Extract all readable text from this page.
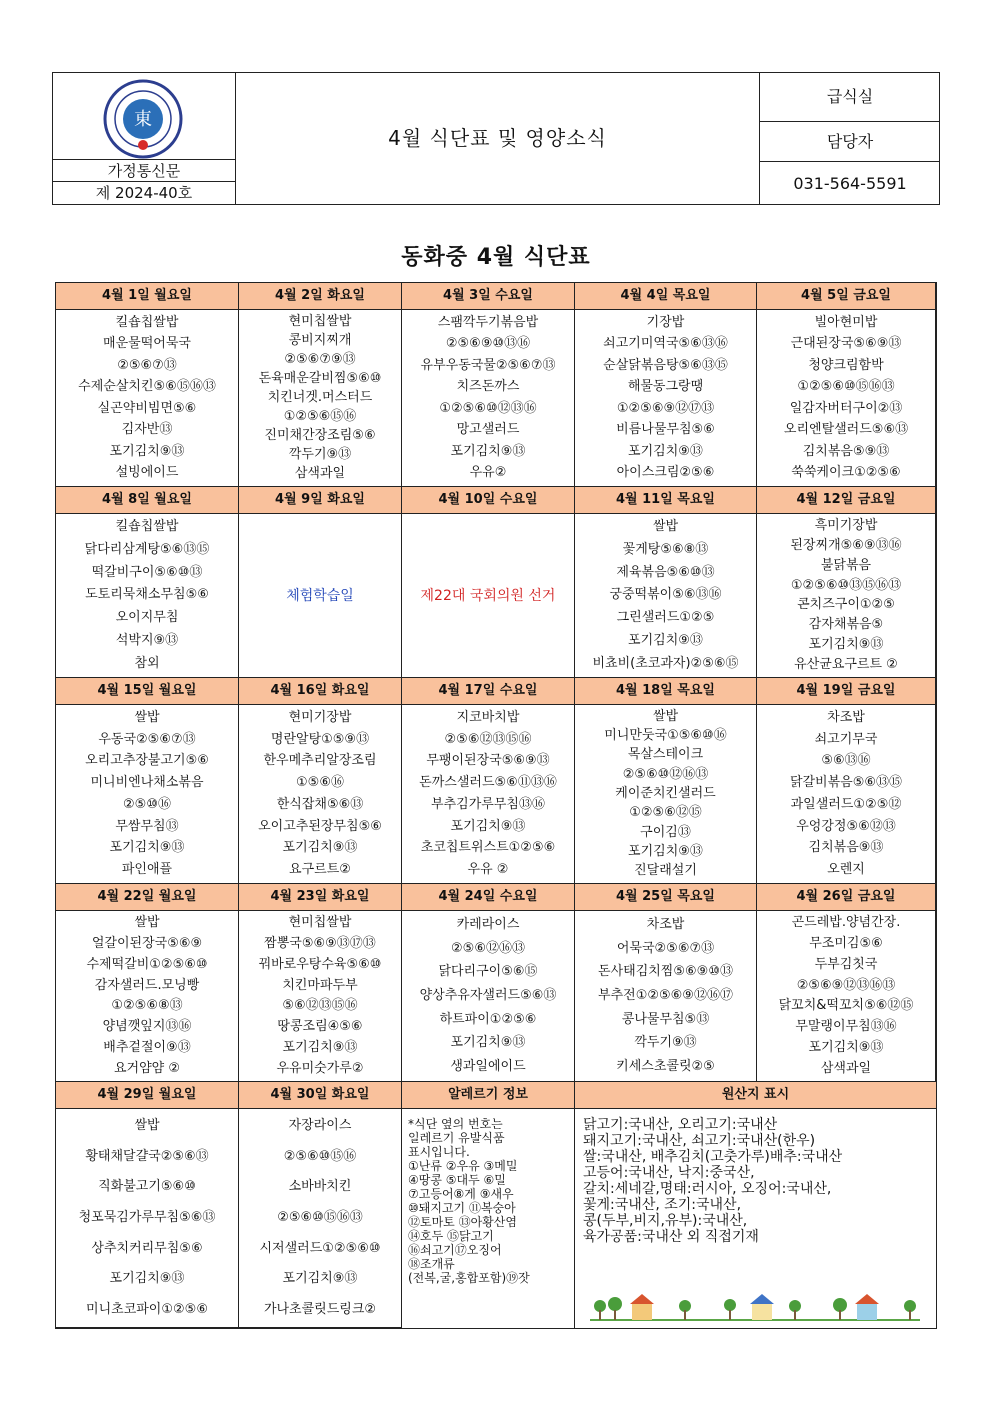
東
가정통신문
제 2024-40호
4월 식단표 및 영양소식
급식실
담당자
031-564-5591
동화중 4월 식단표
4월 1일 월요일
킬숍칩쌀밥
매운물떡어묵국
②⑤⑥⑦⑬
수제순살치킨⑤⑥⑮⑯⑬
실곤약비빔면⑤⑥
김자반⑬
포기김치⑨⑬
설빙에이드
4월 2일 화요일
현미칩쌀밥
콩비지찌개
②⑤⑥⑦⑨⑬
돈육매운갈비찜⑤⑥⑩
치킨너겟.머스터드
①②⑤⑥⑮⑯
진미채간장조림⑤⑥
깍두기⑨⑬
삼색과일
4월 3일 수요일
스팸깍두기볶음밥
②⑤⑥⑨⑩⑬⑯
유부우동국물②⑤⑥⑦⑬
치즈돈까스
①②⑤⑥⑩⑫⑬⑯
망고샐러드
포기김치⑨⑬
우유②
4월 4일 목요일
기장밥
쇠고기미역국⑤⑥⑬⑯
순살닭볶음탕⑤⑥⑬⑮
해물동그랑땡
①②⑤⑥⑨⑫⑰⑬
비름나물무침⑤⑥
포기김치⑨⑬
아이스크림②⑤⑥
4월 5일 금요일
빌아현미밥
근대된장국⑤⑥⑨⑬
청양크림함박
①②⑤⑥⑩⑮⑯⑬
일감자버터구이②⑬
오리엔탈샐러드⑤⑥⑬
김치볶음⑤⑨⑬
쑥쑥케이크①②⑤⑥
4월 8일 월요일
킬숍칩쌀밥
닭다리삼계탕⑤⑥⑬⑮
떡갈비구이⑤⑥⑩⑬
도토리묵채소무침⑤⑥
오이지무침
석박지⑨⑬
참외
4월 9일 화요일
체험학습일
4월 10일 수요일
제22대 국회의원 선거
4월 11일 목요일
쌀밥
꽃게탕⑤⑥⑧⑬
제육볶음⑤⑥⑩⑬
궁중떡볶이⑤⑥⑬⑯
그린샐러드①②⑤
포기김치⑨⑬
비쵸비(초코과자)②⑤⑥⑮
4월 12일 금요일
흑미기장밥
된장찌개⑤⑥⑨⑬⑯
불닭볶음
①②⑤⑥⑩⑬⑮⑯⑬
콘치즈구이①②⑤
감자채볶음⑤
포기김치⑨⑬
유산균요구르트 ②
4월 15일 월요일
쌀밥
우동국②⑤⑥⑦⑬
오리고추장불고기⑤⑥
미니비엔나채소볶음
②⑤⑩⑯
무쌈무침⑬
포기김치⑨⑬
파인애플
4월 16일 화요일
현미기장밥
명란알탕①⑤⑨⑬
한우메추리알장조림
①⑤⑥⑯
한식잡채⑤⑥⑬
오이고추된장무침⑤⑥
포기김치⑨⑬
요구르트②
4월 17일 수요일
지코바치밥
②⑤⑥⑫⑬⑮⑯
무팽이된장국⑤⑥⑨⑬
돈까스샐러드⑤⑥⑪⑬⑯
부추김가루무침⑬⑯
포기김치⑨⑬
초코칩트위스트①②⑤⑥
우유 ②
4월 18일 목요일
쌀밥
미니만둣국①⑤⑥⑩⑯
목살스테이크
②⑤⑥⑩⑫⑯⑬
케이준치킨샐러드
①②⑤⑥⑫⑮
구이김⑬
포기김치⑨⑬
진달래설기
4월 19일 금요일
차조밥
쇠고기무국
⑤⑥⑬⑯
닭갈비볶음⑤⑥⑬⑮
과일샐러드①②⑤⑫
우엉강정⑤⑥⑫⑬
김치볶음⑨⑬
오렌지
4월 22일 월요일
쌀밥
얼갈이된장국⑤⑥⑨
수제떡갈비①②⑤⑥⑩
감자샐러드.모닝빵
①②⑤⑥⑧⑬
양념깻잎지⑬⑯
배추겉절이⑨⑬
요거얌얌 ②
4월 23일 화요일
현미칩쌀밥
짬뽕국⑤⑥⑨⑬⑰⑬
꿔바로우탕수육⑤⑥⑩
치킨마파두부
⑤⑥⑫⑬⑮⑯
땅콩조림④⑤⑥
포기김치⑨⑬
우유미숫가루②
4월 24일 수요일
카레라이스
②⑤⑥⑫⑯⑬
닭다리구이⑤⑥⑮
양상추유자샐러드⑤⑥⑬
하트파이①②⑤⑥
포기김치⑨⑬
생과일에이드
4월 25일 목요일
차조밥
어묵국②⑤⑥⑦⑬
돈사태김치찜⑤⑥⑨⑩⑬
부추전①②⑤⑥⑨⑫⑯⑰
콩나물무침⑤⑬
깍두기⑨⑬
키세스초콜릿②⑤
4월 26일 금요일
곤드레밥.양념간장.
무조미김⑤⑥
두부김칫국
②⑤⑥⑨⑫⑬⑯⑬
닭꼬치&떡꼬치⑤⑥⑫⑮
무말랭이무침⑬⑯
포기김치⑨⑬
삼색과일
4월 29일 월요일
쌀밥
황태채달걀국②⑤⑥⑬
직화불고기⑤⑥⑩
청포묵김가루무침⑤⑥⑬
상추치커리무침⑤⑥
포기김치⑨⑬
미니초코파이①②⑤⑥
4월 30일 화요일
자장라이스
②⑤⑥⑩⑮⑯
소바바치킨
②⑤⑥⑩⑮⑯⑬
시저샐러드①②⑤⑥⑩
포기김치⑨⑬
가나초콜릿드링크②
알레르기 정보
*식단 옆의 번호는
일레르기 유발식품
표시입니다.
①난류 ②우유 ③메밀
④땅콩 ⑤대두 ⑥밀
⑦고등어⑧게 ⑨새우
⑩돼지고기 ⑪복숭아
⑫토마토 ⑬아황산염
⑭호두 ⑮닭고기
⑯쇠고기⑰오징어
⑱조개류
(전복,굴,홍합포함)⑲잣
원산지 표시
닭고기:국내산, 오리고기:국내산
돼지고기:국내산, 쇠고기:국내산(한우)
쌀:국내산, 배추김치(고춧가루)배추:국내산
고등어:국내산, 낙지:중국산,
갈치:세네갈,명태:러시아, 오징어:국내산,
꽃게:국내산, 조기:국내산,
콩(두부,비지,유부):국내산,
육가공품:국내산 외 직접기재
